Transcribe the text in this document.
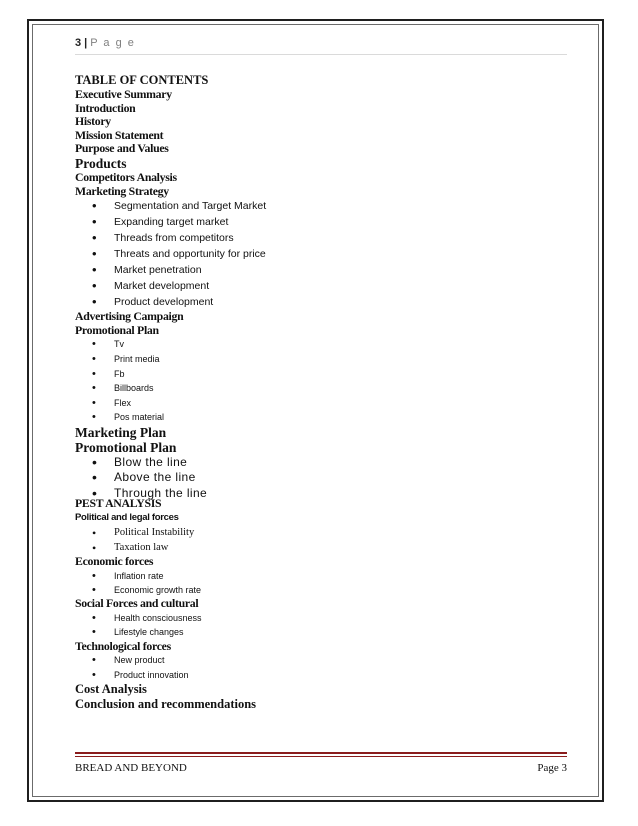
3 | P a g e

TABLE OF CONTENTS

Executive Summary

Introduction

History

Mission Statement

Purpose and Values

Products

Competitors Analysis

Marketing Strategy

• Segmentation and Target Market
• Expanding target market
• Threads from competitors
• Threats and opportunity for price
• Market penetration
• Market development
• Product development

Advertising Campaign

Promotional Plan

• Tv
• Print media
• Fb
• Billboards
• Flex
• Pos material

Marketing Plan

Promotional Plan

• Blow the line
• Above the line
• Through the line

PEST ANALYSIS

Political and legal forces

• Political Instability
• Taxation law

Economic forces

• Inflation rate
• Economic growth rate

Social Forces and cultural

• Health consciousness
• Lifestyle changes

Technological forces

• New product
• Product innovation

Cost Analysis

Conclusion and recommendations

BREAD AND BEYOND	Page 3
